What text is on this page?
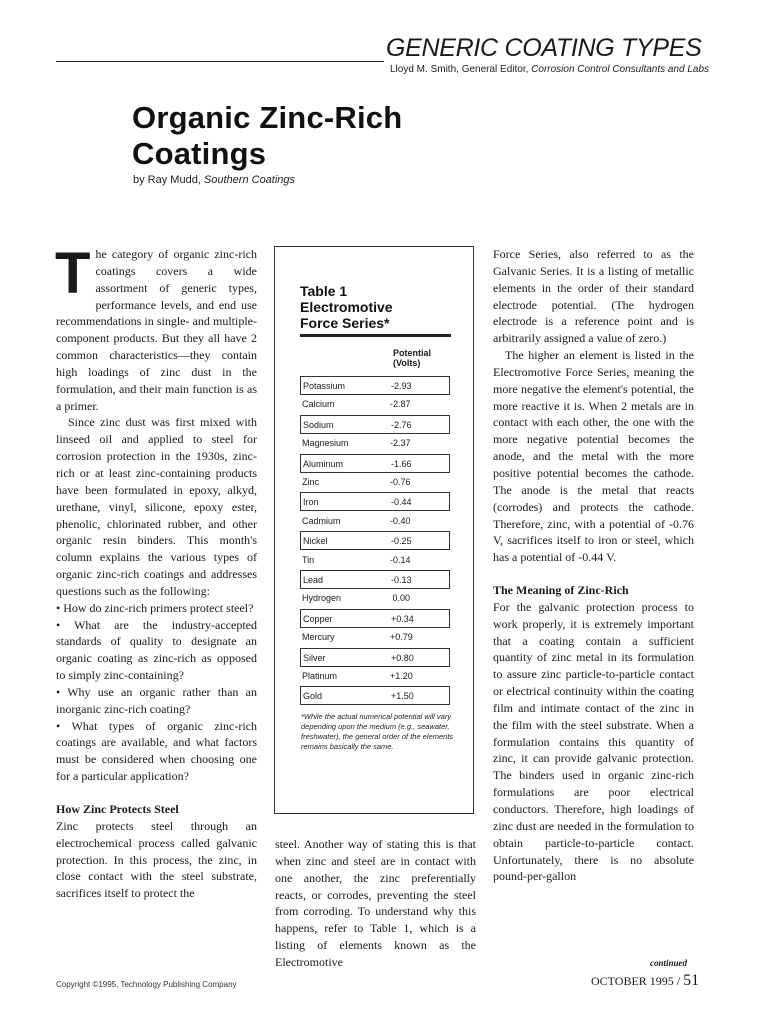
GENERIC COATING TYPES
Lloyd M. Smith, General Editor, Corrosion Control Consultants and Labs
Organic Zinc-Rich
Coatings
by Ray Mudd, Southern Coatings
T he category of organic zinc-rich coatings covers a wide assortment of generic types, performance levels, and end use recommendations in single- and multiple-component products. But they all have 2 common characteristics—they contain high loadings of zinc dust in the formulation, and their main function is as a primer.

Since zinc dust was first mixed with linseed oil and applied to steel for corrosion protection in the 1930s, zinc-rich or at least zinc-containing products have been formulated in epoxy, alkyd, urethane, vinyl, silicone, epoxy ester, phenolic, chlorinated rubber, and other organic resin binders. This month's column explains the various types of organic zinc-rich coatings and addresses questions such as the following:

• How do zinc-rich primers protect steel?

• What are the industry-accepted standards of quality to designate an organic coating as zinc-rich as opposed to simply zinc-containing?

• Why use an organic rather than an inorganic zinc-rich coating?

• What types of organic zinc-rich coatings are available, and what factors must be considered when choosing one for a particular application?

How Zinc Protects Steel

Zinc protects steel through an electrochemical process called galvanic protection. In this process, the zinc, in close contact with the steel substrate, sacrifices itself to protect the

Table 1
Electromotive
Force Series*
Potential
(Volts)
Potassium	-2.93
Calcium	-2.87
Sodium	-2.76
Magnesium	-2.37
Aluminum	-1.66
Zinc	-0.76
Iron	-0.44
Cadmium	-0.40
Nickel	-0.25
Tin	-0.14
Lead	-0.13
Hydrogen	0.00
Copper	+0.34
Mercury	+0.79
Silver	+0.80
Platinum	+1.20
Gold	+1.50
*While the actual numerical potential will vary depending upon the medium (e.g., seawater, freshwater), the general order of the elements remains basically the same.

steel. Another way of stating this is that when zinc and steel are in contact with one another, the zinc preferentially reacts, or corrodes, preventing the steel from corroding. To understand why this happens, refer to Table 1, which is a listing of elements known as the Electromotive

Force Series, also referred to as the Galvanic Series. It is a listing of metallic elements in the order of their standard electrode potential. (The hydrogen electrode is a reference point and is arbitrarily assigned a value of zero.)

The higher an element is listed in the Electromotive Force Series, meaning the more negative the element's potential, the more reactive it is. When 2 metals are in contact with each other, the one with the more negative potential becomes the anode, and the metal with the more positive potential becomes the cathode. The anode is the metal that reacts (corrodes) and protects the cathode. Therefore, zinc, with a potential of -0.76 V, sacrifices itself to iron or steel, which has a potential of -0.44 V.

The Meaning of Zinc-Rich

For the galvanic protection process to work properly, it is extremely important that a coating contain a sufficient quantity of zinc metal in its formulation to assure zinc particle-to-particle contact or electrical continuity within the coating film and intimate contact of the zinc in the film with the steel substrate. When a formulation contains this quantity of zinc, it can provide galvanic protection. The binders used in organic zinc-rich formulations are poor electrical conductors. Therefore, high loadings of zinc dust are needed in the formulation to obtain particle-to-particle contact. Unfortunately, there is no absolute pound-per-gallon

continued
Copyright ©1995, Technology Publishing Company	OCTOBER 1995 / 51
